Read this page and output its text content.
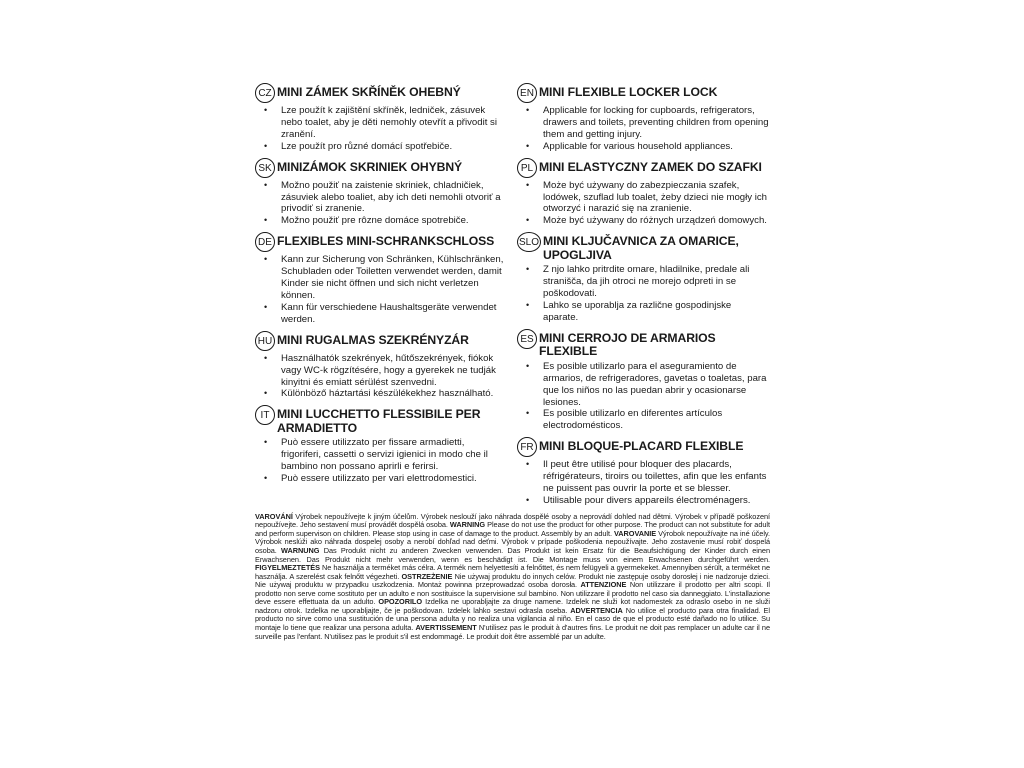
CZ MINI ZÁMEK SKŘÍNĚK OHEBNÝ
• Lze použít k zajištění skříněk, ledniček, zásuvek nebo toalet, aby je děti nemohly otevřít a přivodit si zranění.
• Lze použít pro různé domácí spotřebiče.
SK MINIZÁMOK SKRINIEK OHYBNÝ
• Možno použiť na zaistenie skriniek, chladničiek, zásuviek alebo toaliet, aby ich deti nemohli otvoriť a privodiť si zranenie.
• Možno použiť pre rôzne domáce spotrebiče.
DE FLEXIBLES MINI-SCHRANKSCHLOSS
• Kann zur Sicherung von Schränken, Kühlschränken, Schubladen oder Toiletten verwendet werden, damit Kinder sie nicht öffnen und sich nicht verletzen können.
• Kann für verschiedene Haushaltsgeräte verwendet werden.
HU MINI RUGALMAS SZEKRÉNYZÁR
• Használhatók szekrények, hűtőszekrények, fiókok vagy WC-k rögzítésére, hogy a gyerekek ne tudják kinyitni és emiatt sérülést szenvedni.
• Különböző háztartási készülékekhez használható.
IT MINI LUCCHETTO FLESSIBILE PER ARMADIETTO
• Può essere utilizzato per fissare armadietti, frigoriferi, cassetti o servizi igienici in modo che il bambino non possano aprirli e ferirsi.
• Può essere utilizzato per vari elettrodomestici.
EN MINI FLEXIBLE LOCKER LOCK
• Applicable for locking for cupboards, refrigerators, drawers and toilets, preventing children from opening them and getting injury.
• Applicable for various household appliances.
PL MINI ELASTYCZNY ZAMEK DO SZAFKI
• Może być używany do zabezpieczania szafek, lodówek, szuflad lub toalet, żeby dzieci nie mogły ich otworzyć i narazić się na zranienie.
• Może być używany do różnych urządzeń domowych.
SLO MINI KLJUČAVNICA ZA OMARICE, UPOGLJIVA
• Z njo lahko pritrdite omare, hladilnike, predale ali stranišča, da jih otroci ne morejo odpreti in se poškodovati.
• Lahko se uporablja za različne gospodinjske aparate.
ES MINI CERROJO DE ARMARIOS FLEXIBLE
• Es posible utilizarlo para el aseguramiento de armarios, de refrigeradores, gavetas o toaletas, para que los niños no las puedan abrir y ocasionarse lesiones.
• Es posible utilizarlo en diferentes artículos electrodomésticos.
FR MINI BLOQUE-PLACARD FLEXIBLE
• Il peut être utilisé pour bloquer des placards, réfrigérateurs, tiroirs ou toilettes, afin que les enfants ne puissent pas ouvrir la porte et se blesser.
• Utilisable pour divers appareils électroménagers.
VAROVÁNÍ Výrobek nepoužívejte k jiným účelům. Výrobek neslouží jako náhrada dospělé osoby a neprovádí dohled nad dětmi. Výrobek v případě poškození nepoužívejte. Jeho sestavení musí provádět dospělá osoba. WARNING Please do not use the product for other purpose. The product can not substitute for adult and perform supervison on children. Please stop using in case of damage to the product. Assembly by an adult. VAROVANIE Výrobok nepoužívajte na iné účely. Výrobok neslúži ako náhrada dospelej osoby a nerobí dohľad nad deťmi. Výrobok v prípade poškodenia nepoužívajte. Jeho zostavenie musí robiť dospelá osoba. WARNUNG Das Produkt nicht zu anderen Zwecken verwenden. Das Produkt ist kein Ersatz für die Beaufsichtigung der Kinder durch einen Erwachsenen. Das Produkt nicht mehr verwenden, wenn es beschädigt ist. Die Montage muss von einem Erwachsenen durchgeführt werden. FIGYELMEZTETÉS Ne használja a terméket más célra. A termék nem helyettesíti a felnőttet, és nem felügyeli a gyermekeket. Amennyiben sérült, a terméket ne használja. A szerelést csak felnőtt végezheti. OSTRZEŻENIE Nie używaj produktu do innych celów. Produkt nie zastępuje osoby dorosłej i nie nadzoruje dzieci. Nie używaj produktu w przypadku uszkodzenia. Montaż powinna przeprowadzać osoba dorosła. ATTENZIONE Non utilizzare il prodotto per altri scopi. Il prodotto non serve come sostituto per un adulto e non sostituisce la supervisione sul bambino. Non utilizzare il prodotto nel caso sia danneggiato. L'installazione deve essere effettuata da un adulto. OPOZORILO Izdelka ne uporabljajte za druge namene. Izdelek ne služi kot nadomestek za odraslo osebo in ne služi nadzoru otrok. Izdelka ne uporabljajte, če je poškodovan. Izdelek lahko sestavi odrasla oseba. ADVERTENCIA No utilice el producto para otra finalidad. El producto no sirve como una sustitución de una persona adulta y no realiza una vigilancia al niño. En el caso de que el producto esté dañado no lo utilice. Su montaje lo tiene que realizar una persona adulta. AVERTISSEMENT N'utilisez pas le produit à d'autres fins. Le produit ne doit pas remplacer un adulte car il ne surveille pas l'enfant. N'utilisez pas le produit s'il est endommagé. Le produit doit être assemblé par un adulte.
